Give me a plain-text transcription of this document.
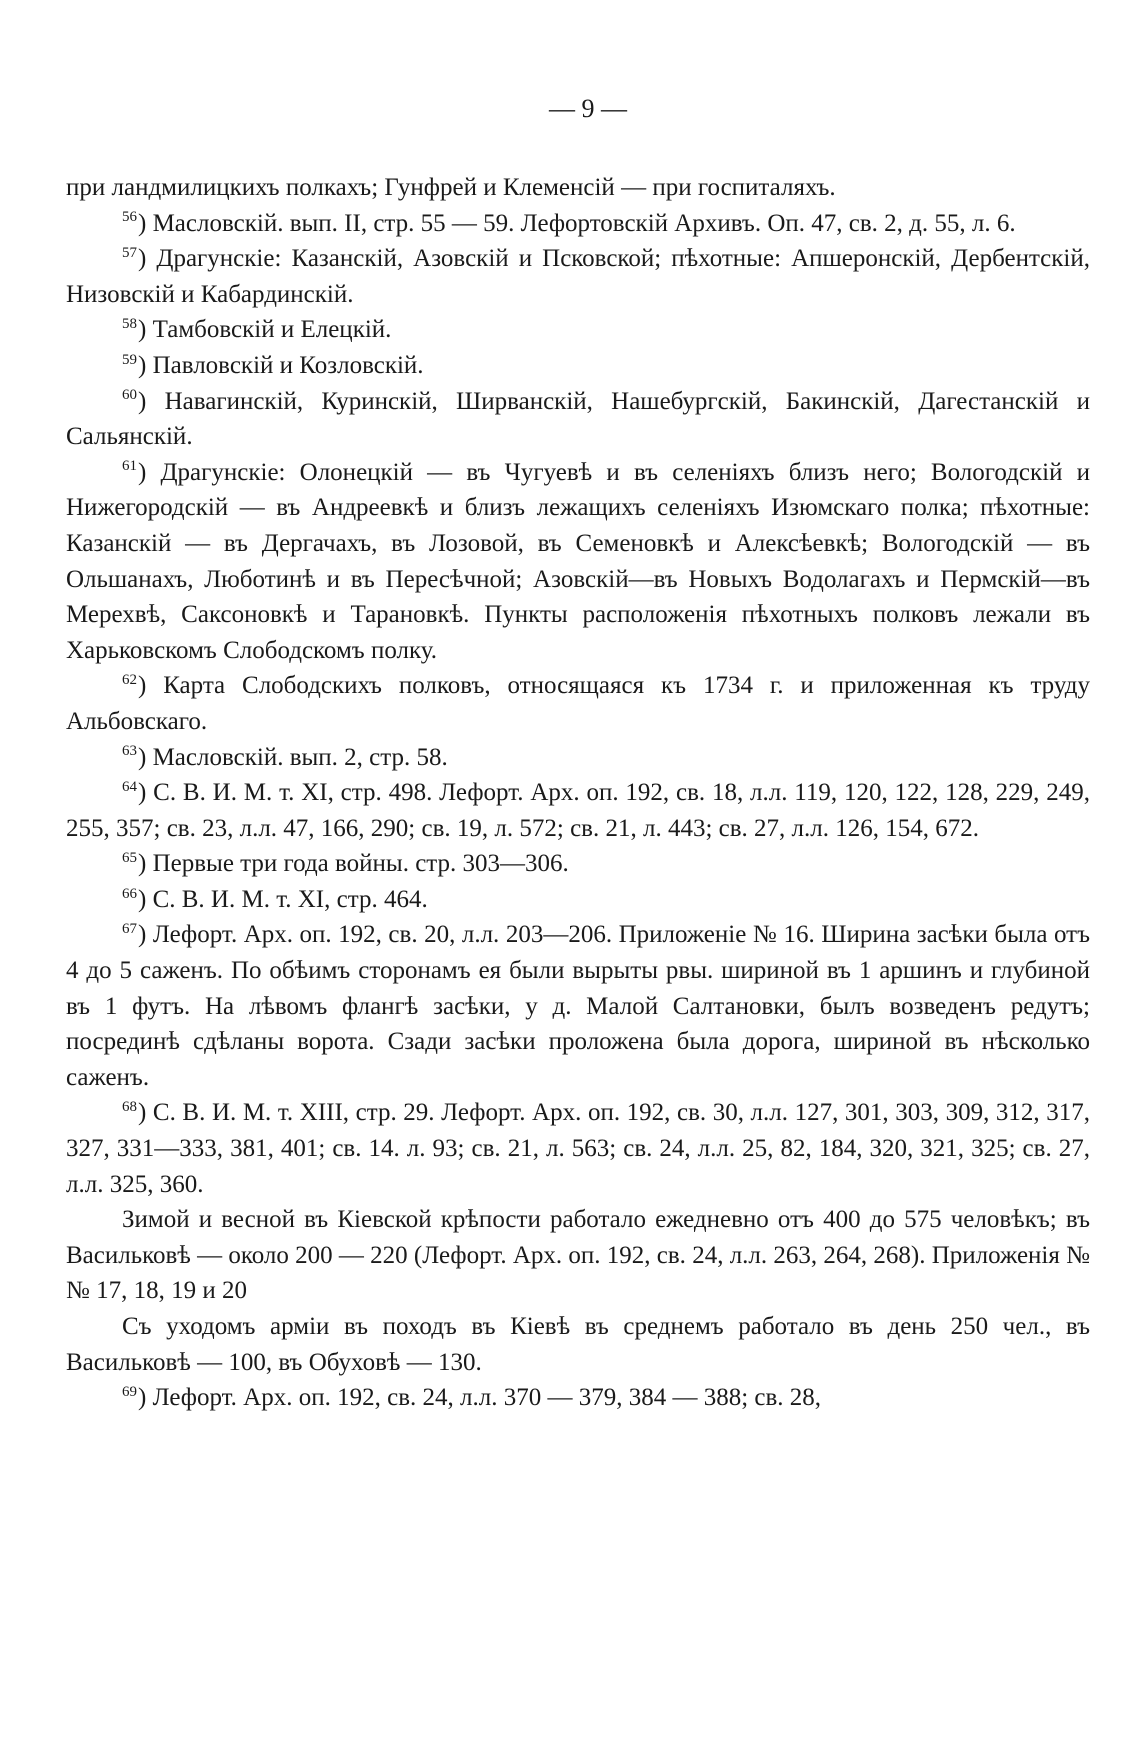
— 9 —

при ландмилицкихъ полкахъ; Гунфрей и Клеменсій — при госпиталяхъ.

$^{56}$) Масловскій. вып. II, стр. 55 — 59. Лефортовскій Архивъ. Оп. 47, св. 2, д. 55, л. 6.

$^{57}$) Драгунскіе: Казанскій, Азовскій и Псковской; пѣхотные: Апшеронскій, Дербентскій, Низовскій и Кабардинскій.

$^{58}$) Тамбовскій и Елецкій.

$^{59}$) Павловскій и Козловскій.

$^{60}$) Навагинскій, Куринскій, Ширванскій, Нашебургскій, Бакинскій, Дагестанскій и Сальянскій.

$^{61}$) Драгунскіе: Олонецкій — въ Чугуевѣ и въ селеніяхъ близъ него; Вологодскій и Нижегородскій — въ Андреевкѣ и близъ лежащихъ селеніяхъ Изюмскаго полка; пѣхотные: Казанскій — въ Дергачахъ, въ Лозовой, въ Семеновкѣ и Алексѣевкѣ; Вологодскій — въ Ольшанахъ, Люботинѣ и въ Пересѣчной; Азовскій—въ Новыхъ Водолагахъ и Пермскій—въ Мерехвѣ, Саксоновкѣ и Тарановкѣ. Пункты расположенія пѣхотныхъ полковъ лежали въ Харьковскомъ Слободскомъ полку.

$^{62}$) Карта Слободскихъ полковъ, относящаяся къ 1734 г. и приложенная къ труду Альбовскаго.

$^{63}$) Масловскій. вып. 2, стр. 58.

$^{64}$) С. В. И. М. т. XI, стр. 498. Лефорт. Арх. оп. 192, св. 18, л.л. 119, 120, 122, 128, 229, 249, 255, 357; св. 23, л.л. 47, 166, 290; св. 19, л. 572; св. 21, л. 443; св. 27, л.л. 126, 154, 672.

$^{65}$) Первые три года войны. стр. 303—306.

$^{66}$) С. В. И. М. т. XI, стр. 464.

$^{67}$) Лефорт. Арх. оп. 192, св. 20, л.л. 203—206. Приложеніе № 16. Ширина засѣки была отъ 4 до 5 саженъ. По обѣимъ сторонамъ ея были вырыты рвы. шириной въ 1 аршинъ и глубиной въ 1 футъ. На лѣвомъ флангѣ засѣки, у д. Малой Салтановки, былъ возведенъ редутъ; посрединѣ сдѣланы ворота. Сзади засѣки проложена была дорога, шириной въ нѣсколько саженъ.

$^{68}$) С. В. И. М. т. XIII, стр. 29. Лефорт. Арх. оп. 192, св. 30, л.л. 127, 301, 303, 309, 312, 317, 327, 331—333, 381, 401; св. 14. л. 93; св. 21, л. 563; св. 24, л.л. 25, 82, 184, 320, 321, 325; св. 27, л.л. 325, 360.

Зимой и весной въ Кіевской крѣпости работало ежедневно отъ 400 до 575 человѣкъ; въ Васильковѣ — около 200 — 220 (Лефорт. Арх. оп. 192, св. 24, л.л. 263, 264, 268). Приложенія №№ 17, 18, 19 и 20

Съ уходомъ арміи въ походъ въ Кіевѣ въ среднемъ работало въ день 250 чел., въ Васильковѣ — 100, въ Обуховѣ — 130.

$^{69}$) Лефорт. Арх. оп. 192, св. 24, л.л. 370 — 379, 384 — 388; св. 28,
